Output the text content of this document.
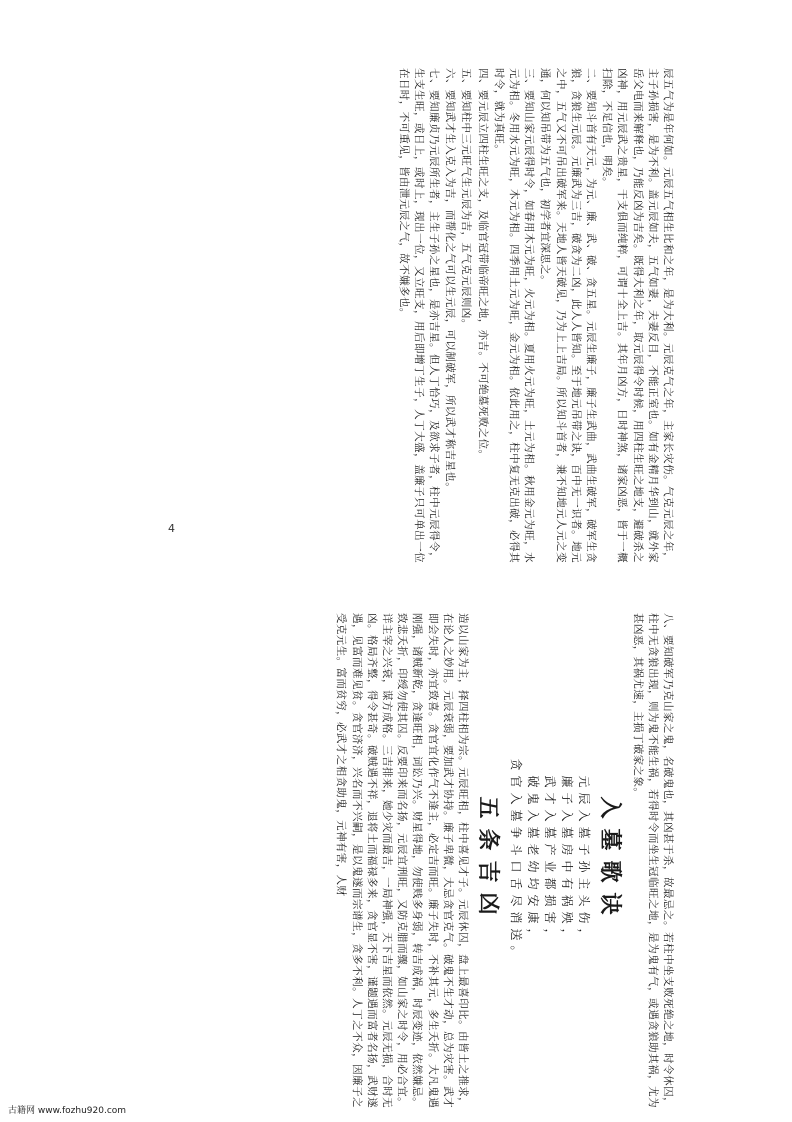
辰五气为是年何如。元辰五气相生比和之年，是为大利。元辰克气之年，主家长灾伤。气克元辰之年，主子孙损害，是为不利。盖元辰如夫，五气如妻，夫妻反目，不能正室也。如有金精月华到山，就外家岳父电而来解释也，乃能反凶为吉矣。既得大利之年，取元辰得令时候，用四柱生旺之地支，避破杀之凶神，用元辰武之贵星，干支俱而纯粹，可谓十全上吉。其年月凶方，日时神煞，诸家凶恶，皆于一概扫除，不足信也，明矣。

二、要知斗首有天元，为元、廉、武、破、贪五星。元辰生廉子，廉子生武曲，武曲生破军，破军生贪狼，贪狼生元辰。元廉武为三吉，破贪为二凶，此人人皆知。至于地元吊带之诀，百中无一识者。地元之中，五气又不可吊出破军来。天地人皆天破见，乃为上上吉局。所以知斗首者，兼不知地元人元之变通，何以知吊带为五气也，初学者宜深思之。

三、要知山家元辰得时令，如春用木元为旺，火元为相。夏用火元为旺，土元为相。秋用金元为旺，水元为相。冬用水元为旺，木元为相。四季用土元为旺，金元为相。依此用之，柱中复无克出破，必得其时令，就为真旺。

四、要元辰立四柱生旺之支，及临官冠带临帝旺之地，亦吉。不可绝墓死败之位。

五、要知柱中三元旺气生元辰为吉，五气克元辰则凶。

六、要知武才生入克入为吉，而帮化之气可以生元辰，可以制破军，所以武才称吉星也。

七、要知廉贞乃元辰所生者，主生子孙之星也，是亦吉星。但人丁恰巧，及欲求子者，柱中元辰得令，生支生旺，或日上，或时上，现出一位，又立旺支，用后即增丁生子，人丁大盛，盖廉子只可单出一位在日时，不可重见，皆由泄元辰之气，故不嫌多也。

八、要知破军乃克山家之鬼，名破鬼也，其凶甚于杀，故最忌之。若柱中坐支败死绝之地，时令休囚，柱中无贪狼出现，则为鬼不能生祸，若得时令而坐生冠临旺之地，是为鬼有气，或遇贪狼助其祸，尤为甚凶恶，其祸尤速，主损丁破家之象。

入墓歌诀

元辰入墓子孙主头伤，

廉子入墓房中有祸殃，

武才入墓产业都损害，

破鬼入墓老幼均安康，

贪官入墓争斗口舌尽消送。

五条吉凶

造以山家为主，择四柱相为宗。元辰旺相，柱中喜见才子。元辰休囚，盘上最喜印比。由皆土之推求，在论人之妙用。元辰衰弱，要加武才协持。廉子卑微，大忌贪官克气。破鬼不生才动，总为灾害。武才即会失时，亦宜致喜。贪官宜化作气不逢主，必定吉而旺。廉子失时，不补其元，多生夭折。大凡鬼遇刚强，诸贼新乾，贪逢旺相，词讼乃兴。财星得地，勿使贱多身弱，转吉成祸，时辰变迹，依然嫌忌。致悲夭折，印绶勿使其囚。反要印来而名扬，元辰宜刑旺，又防克腊而骤，如山家之时令，用必合宜。详主宰之兴衰，谋方成格。三吉排来，她少灾而最吉，一局神强，天下吉星而依然。元辰无损，合时无凶。格局齐整，得令甚奇。破贼遇不祥，退将土而福禄多来，贪官显不害，谨题遇而富者名扬，武财遂遇，见富而难见贫。贪官济济，兴名而不兴嗣，是以鬼遂而宗谱生，贪多不利。人丁之不众，因廉子之受克元生。富而贫穷，必武才之相贪助鬼，元神有害，人财

4
古籍网 www.fozhu920.com
